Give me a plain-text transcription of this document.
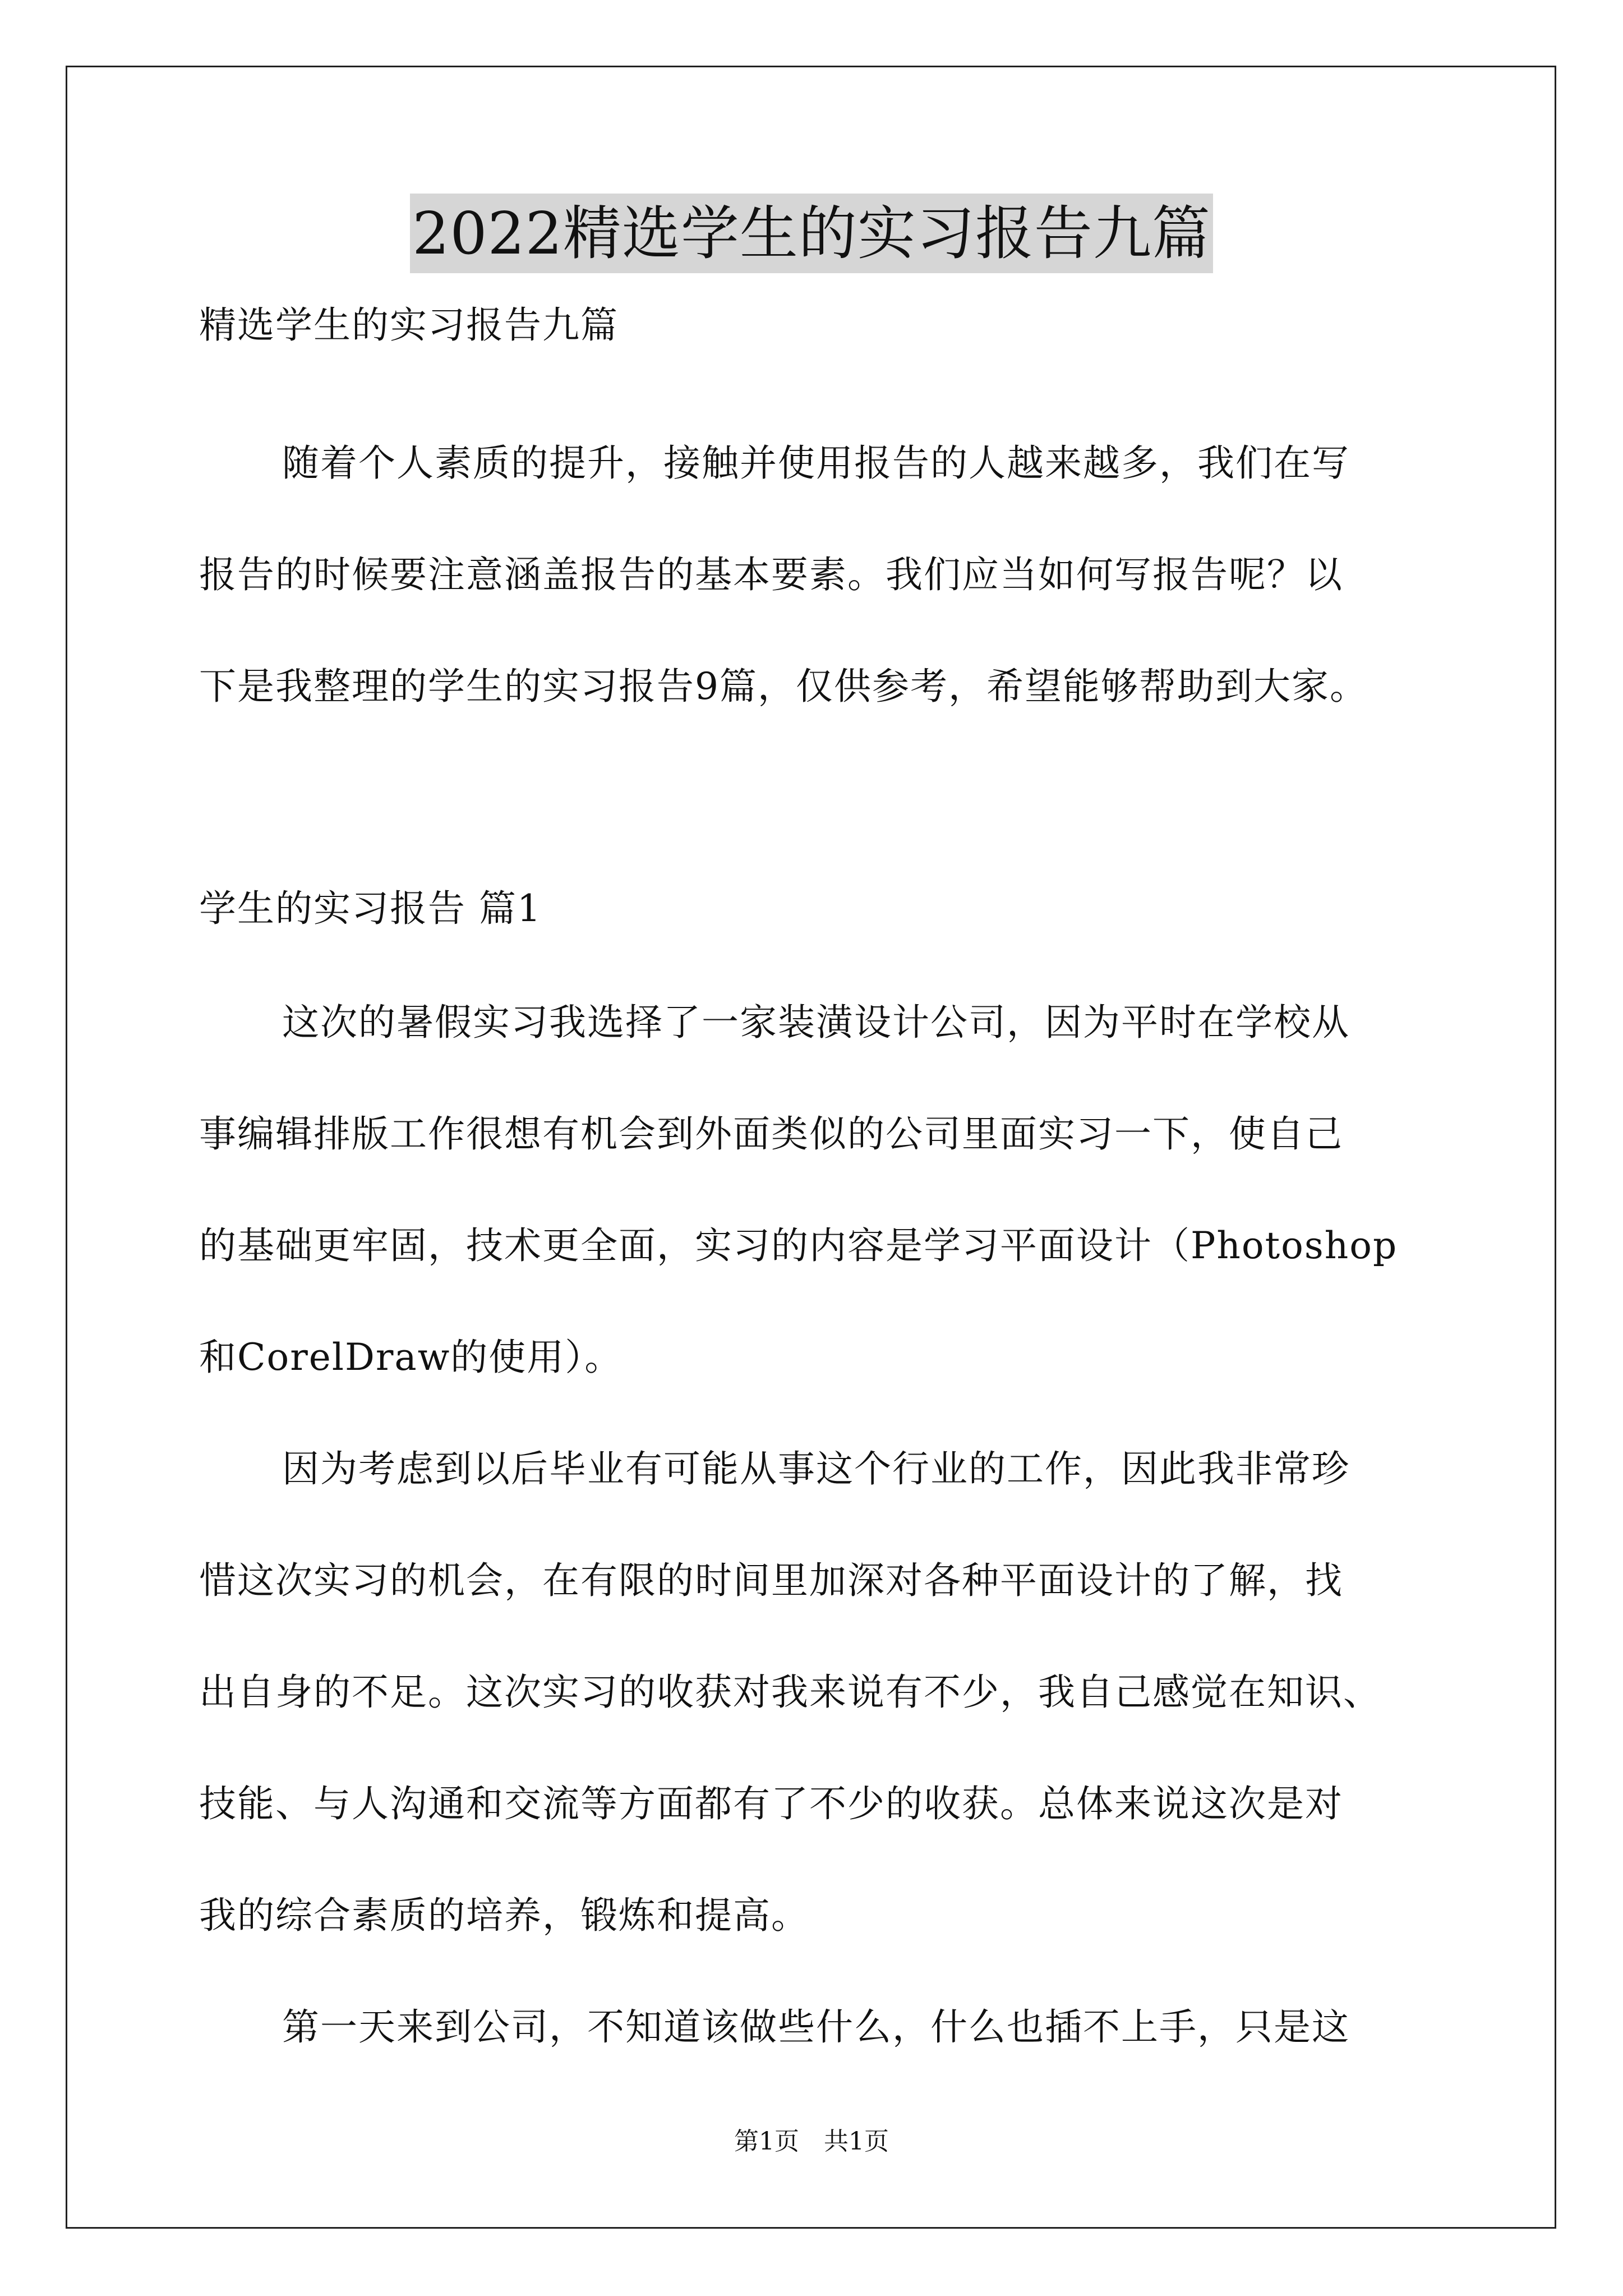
2022精选学生的实习报告九篇
精选学生的实习报告九篇
随着个人素质的提升，接触并使用报告的人越来越多，我们在写
报告的时候要注意涵盖报告的基本要素。我们应当如何写报告呢？以
下是我整理的学生的实习报告9篇，仅供参考，希望能够帮助到大家。
学生的实习报告 篇1
这次的暑假实习我选择了一家装潢设计公司，因为平时在学校从
事编辑排版工作很想有机会到外面类似的公司里面实习一下，使自己
的基础更牢固，技术更全面，实习的内容是学习平面设计（Photoshop
和CorelDraw的使用）。
因为考虑到以后毕业有可能从事这个行业的工作，因此我非常珍
惜这次实习的机会，在有限的时间里加深对各种平面设计的了解，找
出自身的不足。这次实习的收获对我来说有不少，我自己感觉在知识、
技能、与人沟通和交流等方面都有了不少的收获。总体来说这次是对
我的综合素质的培养，锻炼和提高。
第一天来到公司，不知道该做些什么，什么也插不上手，只是这
第1页　共1页
